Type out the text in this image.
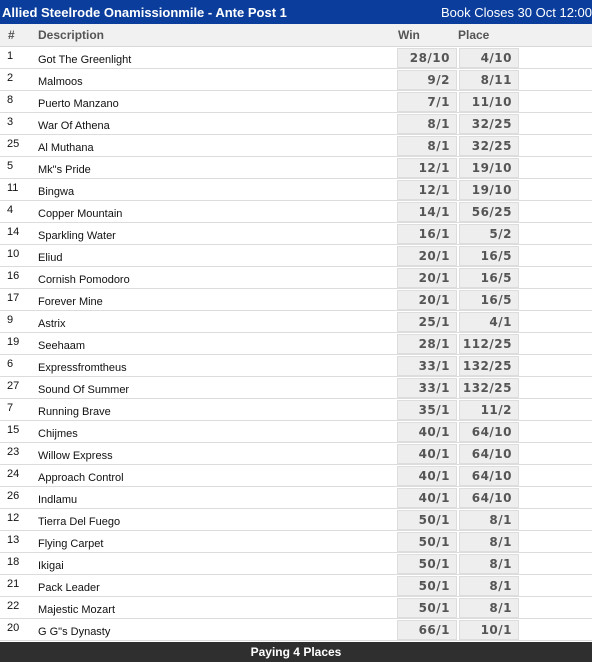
Allied Steelrode Onamissionmile - Ante Post 1	Book Closes 30 Oct 12:00
#	Description	Win	Place
1	Got The Greenlight	28/10	4/10
2	Malmoos	9/2	8/11
8	Puerto Manzano	7/1	11/10
3	War Of Athena	8/1	32/25
25	Al Muthana	8/1	32/25
5	Mk"s Pride	12/1	19/10
11	Bingwa	12/1	19/10
4	Copper Mountain	14/1	56/25
14	Sparkling Water	16/1	5/2
10	Eliud	20/1	16/5
16	Cornish Pomodoro	20/1	16/5
17	Forever Mine	20/1	16/5
9	Astrix	25/1	4/1
19	Seehaam	28/1	112/25
6	Expressfromtheus	33/1	132/25
27	Sound Of Summer	33/1	132/25
7	Running Brave	35/1	11/2
15	Chijmes	40/1	64/10
23	Willow Express	40/1	64/10
24	Approach Control	40/1	64/10
26	Indlamu	40/1	64/10
12	Tierra Del Fuego	50/1	8/1
13	Flying Carpet	50/1	8/1
18	Ikigai	50/1	8/1
21	Pack Leader	50/1	8/1
22	Majestic Mozart	50/1	8/1
20	G G"s Dynasty	66/1	10/1
Paying 4 Places
